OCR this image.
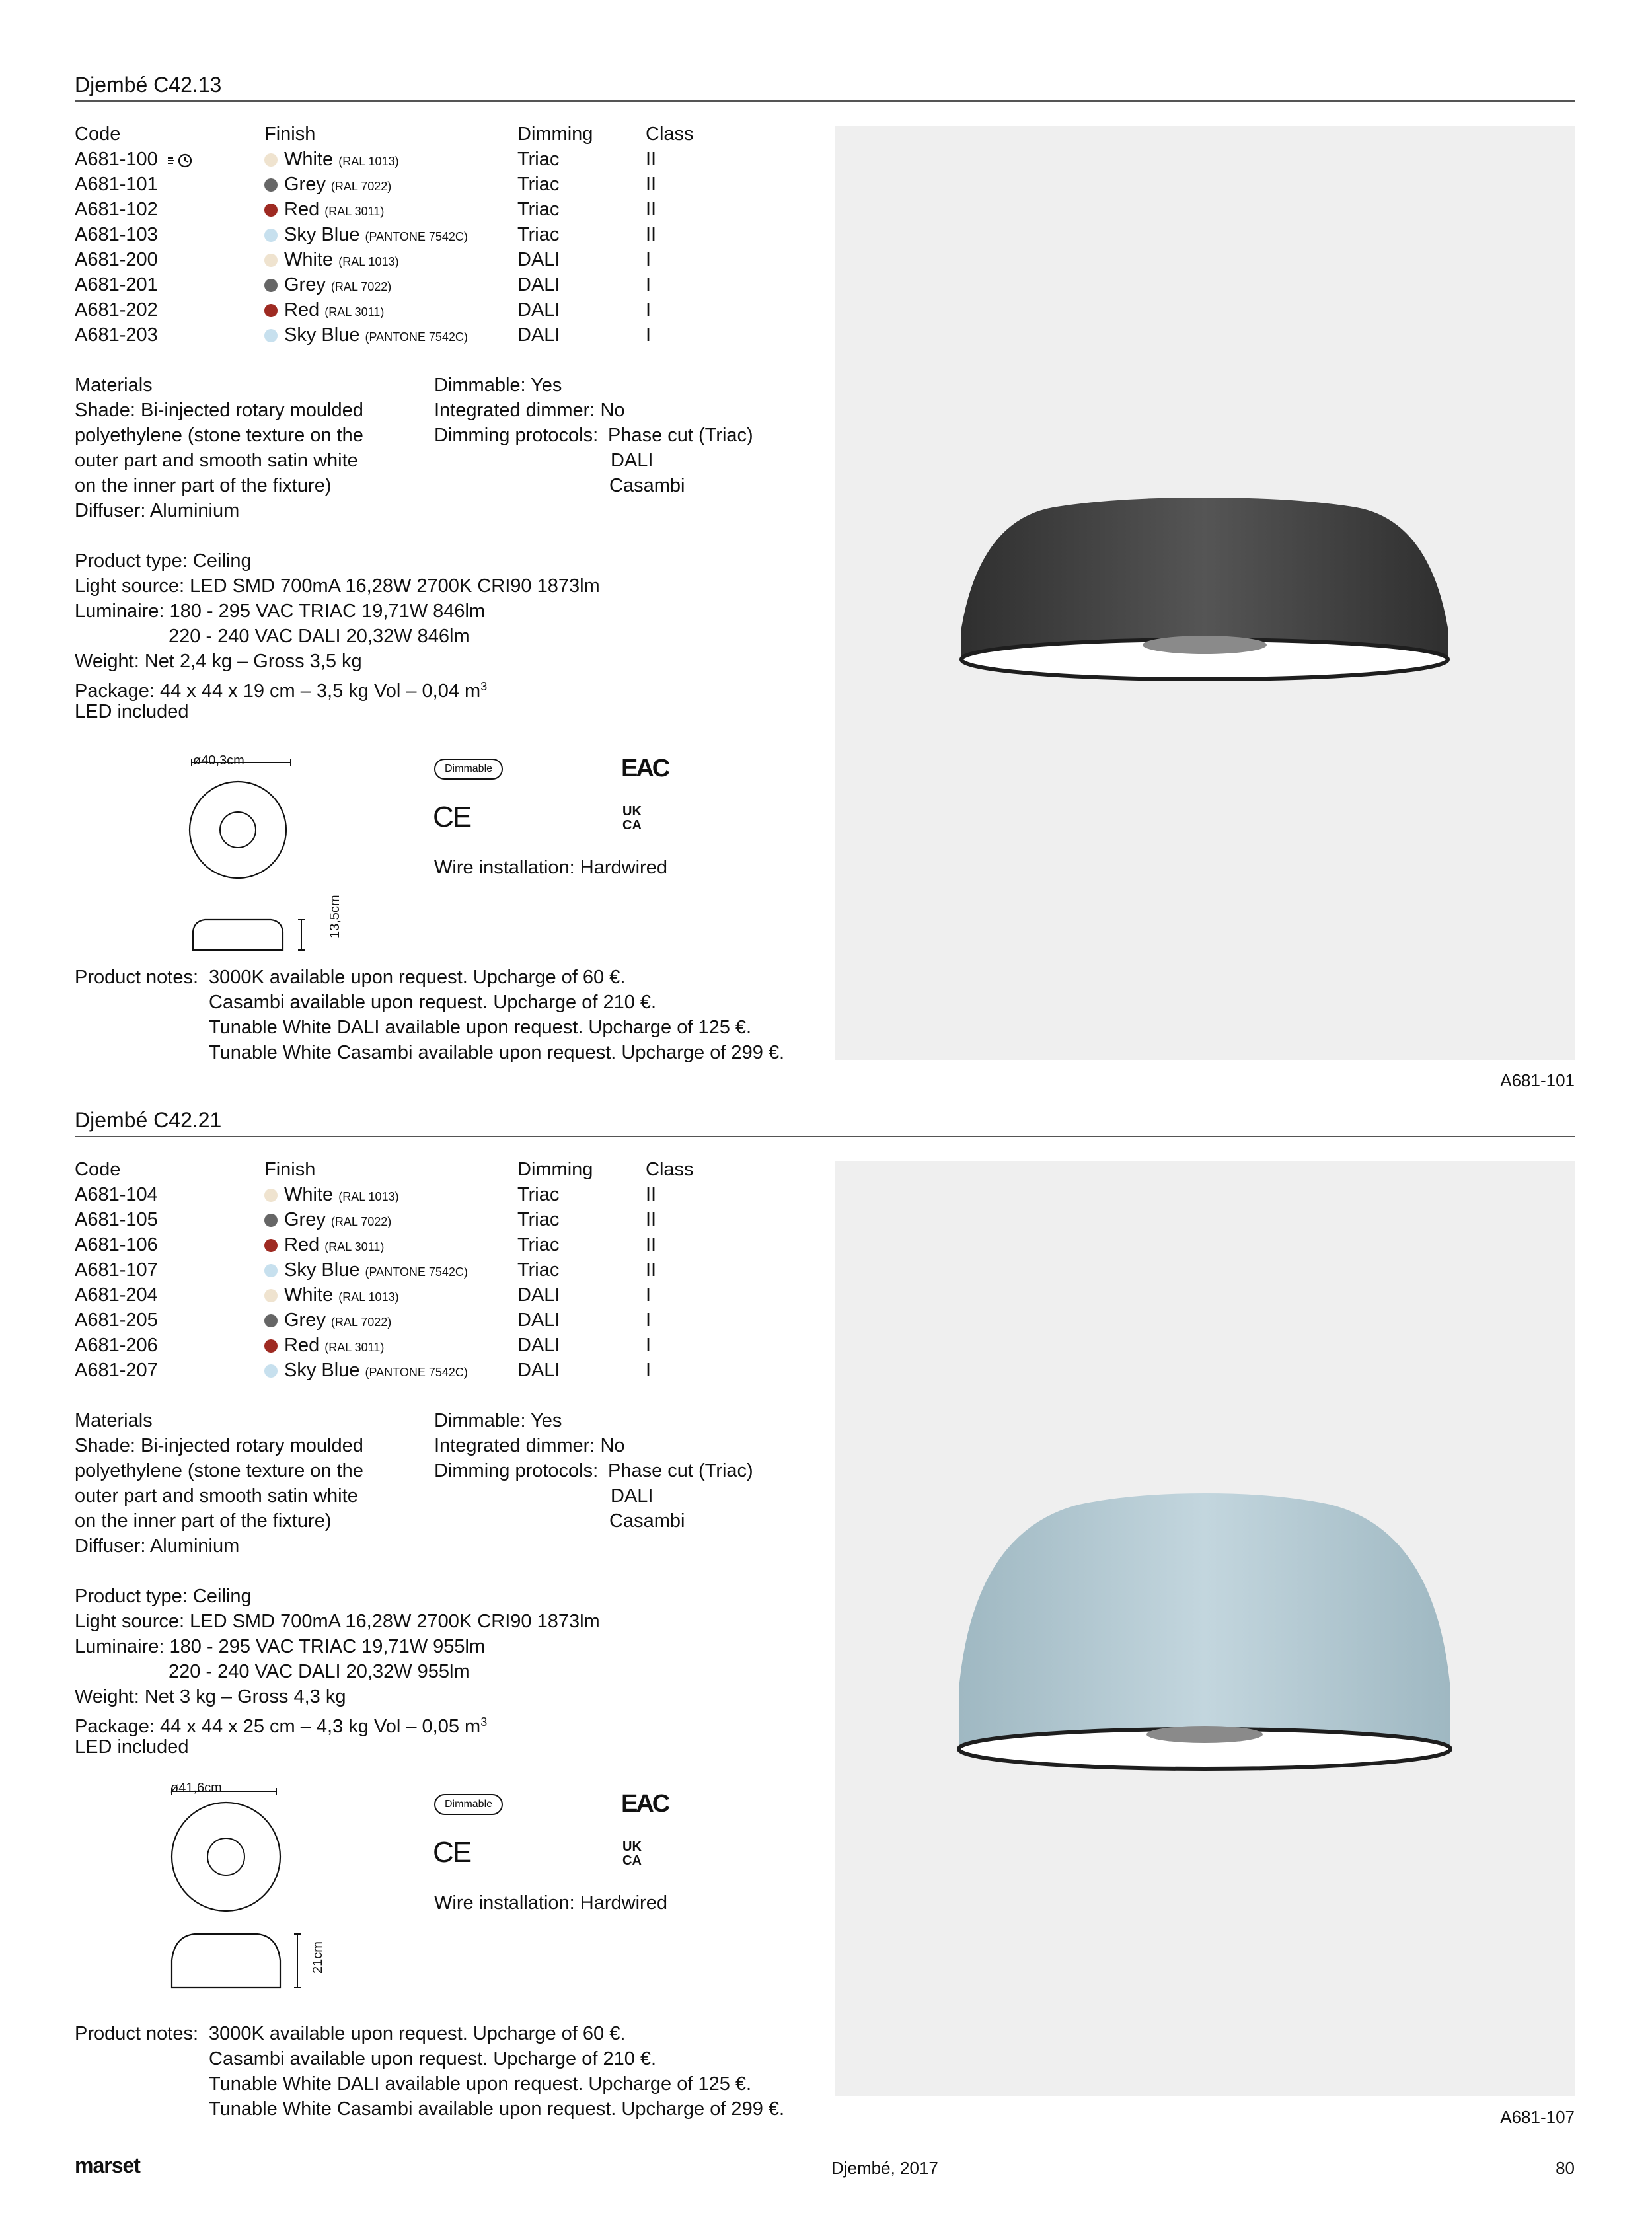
Djembé C42.13
Code	Finish	Dimming	Class
A681-100	White (RAL 1013)	Triac	II
A681-101	Grey (RAL 7022)	Triac	II
A681-102	Red (RAL 3011)	Triac	II
A681-103	Sky Blue (PANTONE 7542C)	Triac	II
A681-200	White (RAL 1013)	DALI	I
A681-201	Grey (RAL 7022)	DALI	I
A681-202	Red (RAL 3011)	DALI	I
A681-203	Sky Blue (PANTONE 7542C)	DALI	I
Materials
Shade: Bi-injected rotary moulded
polyethylene (stone texture on the
outer part and smooth satin white
on the inner part of the fixture)
Diffuser: Aluminium
Dimmable: Yes
Integrated dimmer: No
Dimming protocols: Phase cut (Triac)
DALI
Casambi
Product type: Ceiling
Light source: LED SMD 700mA 16,28W 2700K CRI90 1873lm
Luminaire: 180 - 295 VAC TRIAC 19,71W 846lm
220 - 240 VAC DALI 20,32W 846lm
Weight: Net 2,4 kg – Gross 3,5 kg
Package: 44 x 44 x 19 cm – 3,5 kg Vol – 0,04 $m^3$
LED included
ø40,3cm
13,5cm
Dimmable	EAC
CE	UK
CA
Wire installation: Hardwired
Product notes: 3000K available upon request. Upcharge of 60 €.
Casambi available upon request. Upcharge of 210 €.
Tunable White DALI available upon request. Upcharge of 125 €.
Tunable White Casambi available upon request. Upcharge of 299 €.
A681-101
Djembé C42.21
Code	Finish	Dimming	Class
A681-104	White (RAL 1013)	Triac	II
A681-105	Grey (RAL 7022)	Triac	II
A681-106	Red (RAL 3011)	Triac	II
A681-107	Sky Blue (PANTONE 7542C)	Triac	II
A681-204	White (RAL 1013)	DALI	I
A681-205	Grey (RAL 7022)	DALI	I
A681-206	Red (RAL 3011)	DALI	I
A681-207	Sky Blue (PANTONE 7542C)	DALI	I
Materials
Shade: Bi-injected rotary moulded
polyethylene (stone texture on the
outer part and smooth satin white
on the inner part of the fixture)
Diffuser: Aluminium
Dimmable: Yes
Integrated dimmer: No
Dimming protocols: Phase cut (Triac)
DALI
Casambi
Product type: Ceiling
Light source: LED SMD 700mA 16,28W 2700K CRI90 1873lm
Luminaire: 180 - 295 VAC TRIAC 19,71W 955lm
220 - 240 VAC DALI 20,32W 955lm
Weight: Net 3 kg – Gross 4,3 kg
Package: 44 x 44 x 25 cm – 4,3 kg Vol – 0,05 $m^3$
LED included
ø41,6cm
21cm
Dimmable	EAC
CE	UK
CA
Wire installation: Hardwired
Product notes: 3000K available upon request. Upcharge of 60 €.
Casambi available upon request. Upcharge of 210 €.
Tunable White DALI available upon request. Upcharge of 125 €.
Tunable White Casambi available upon request. Upcharge of 299 €.	A681-107
marset	Djembé, 2017	80
